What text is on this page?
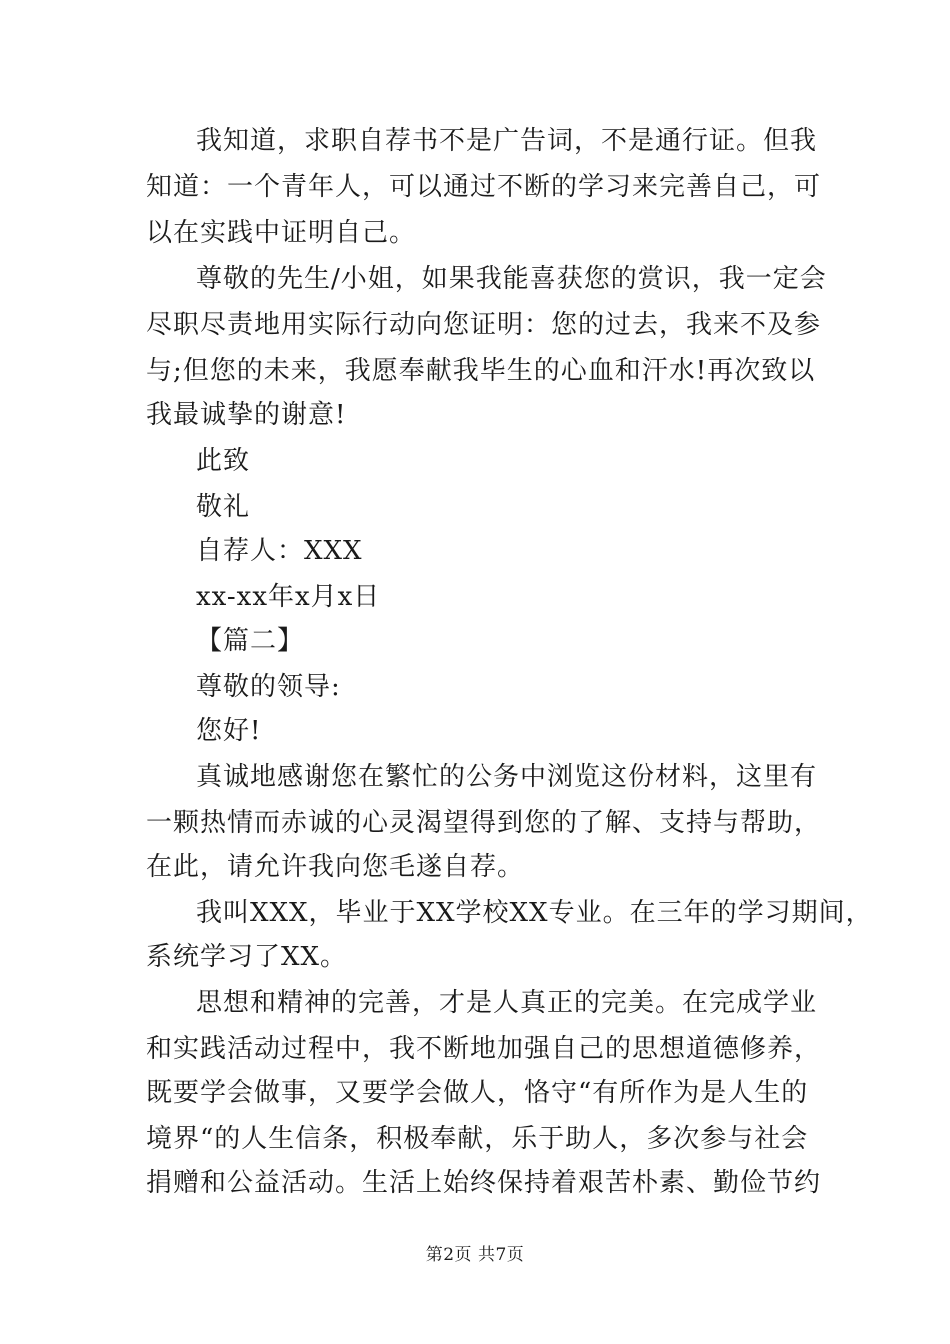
我知道，求职自荐书不是广告词，不是通行证。但我
知道：一个青年人，可以通过不断的学习来完善自己，可
以在实践中证明自己。
尊敬的先生/小姐，如果我能喜获您的赏识，我一定会
尽职尽责地用实际行动向您证明：您的过去，我来不及参
与;但您的未来，我愿奉献我毕生的心血和汗水!再次致以
我最诚挚的谢意!
此致
敬礼
自荐人：XXX
xx-xx年x月x日
【篇二】
尊敬的领导:
您好!
真诚地感谢您在繁忙的公务中浏览这份材料，这里有
一颗热情而赤诚的心灵渴望得到您的了解、支持与帮助，
在此，请允许我向您毛遂自荐。
我叫XXX，毕业于XX学校XX专业。在三年的学习期间，
系统学习了XX。
思想和精神的完善，才是人真正的完美。在完成学业
和实践活动过程中，我不断地加强自己的思想道德修养，
既要学会做事，又要学会做人，恪守“有所作为是人生的
境界“的人生信条，积极奉献，乐于助人，多次参与社会
捐赠和公益活动。生活上始终保持着艰苦朴素、勤俭节约
第2页 共7页
